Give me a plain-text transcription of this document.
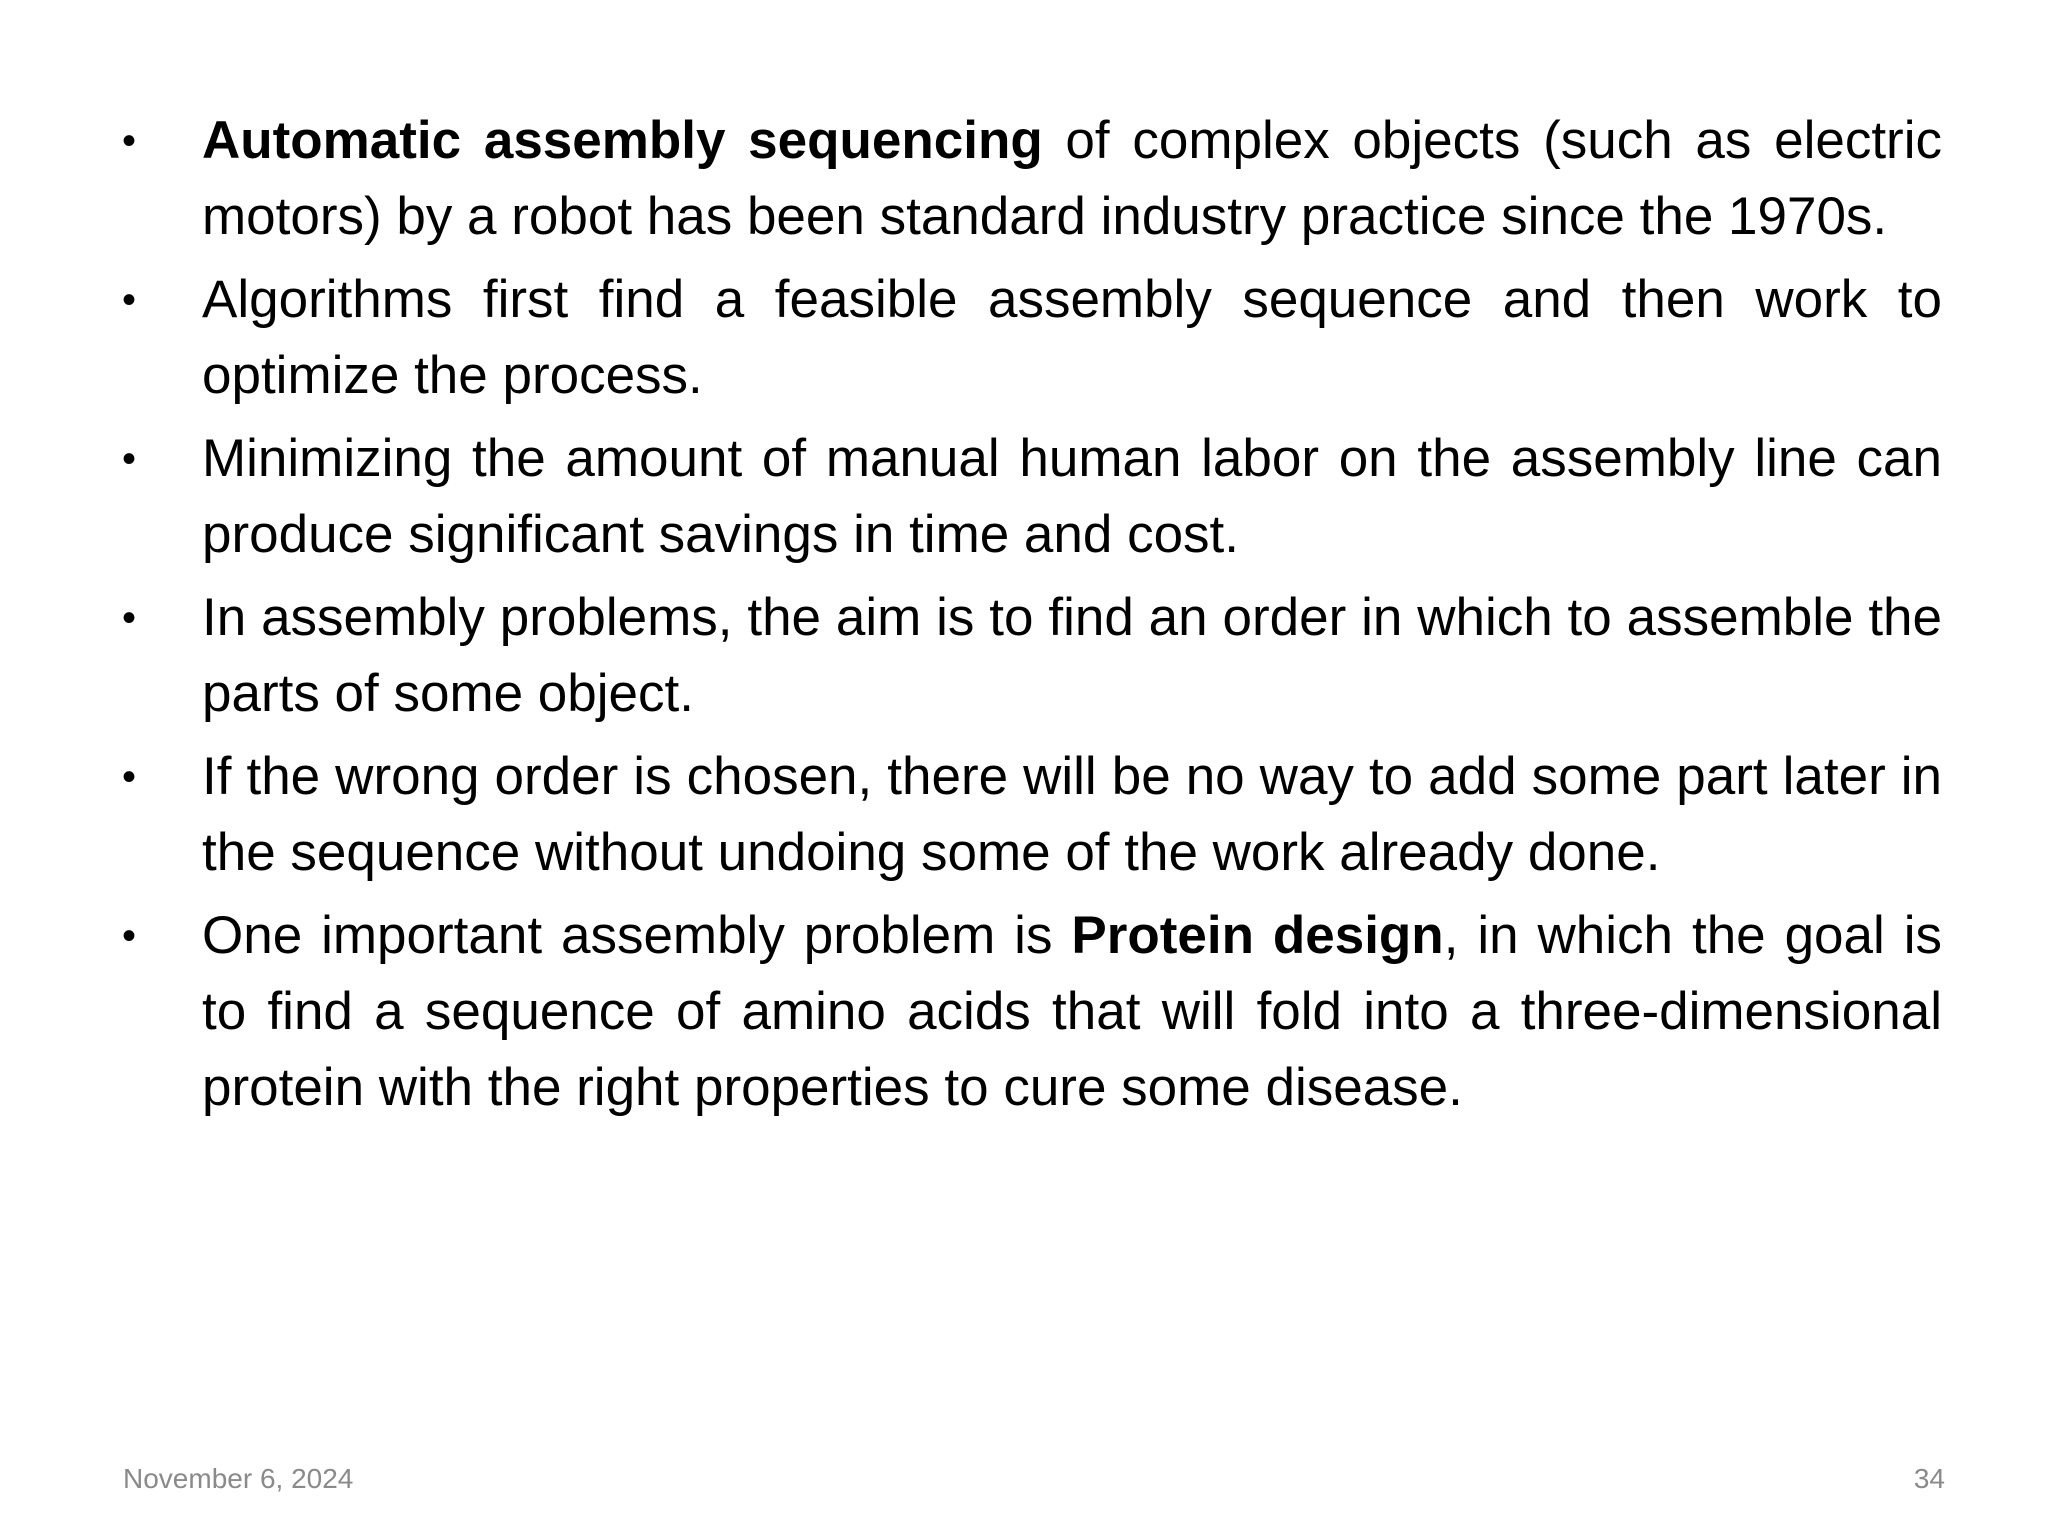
• Automatic assembly sequencing of complex objects (such as electric motors) by a robot has been standard industry practice since the 1970s.
• Algorithms first find a feasible assembly sequence and then work to optimize the process.
• Minimizing the amount of manual human labor on the assembly line can produce significant savings in time and cost.
• In assembly problems, the aim is to find an order in which to assemble the parts of some object.
• If the wrong order is chosen, there will be no way to add some part later in the sequence without undoing some of the work already done.
• One important assembly problem is Protein design, in which the goal is to find a sequence of amino acids that will fold into a three-dimensional protein with the right properties to cure some disease.
November 6, 2024	34
